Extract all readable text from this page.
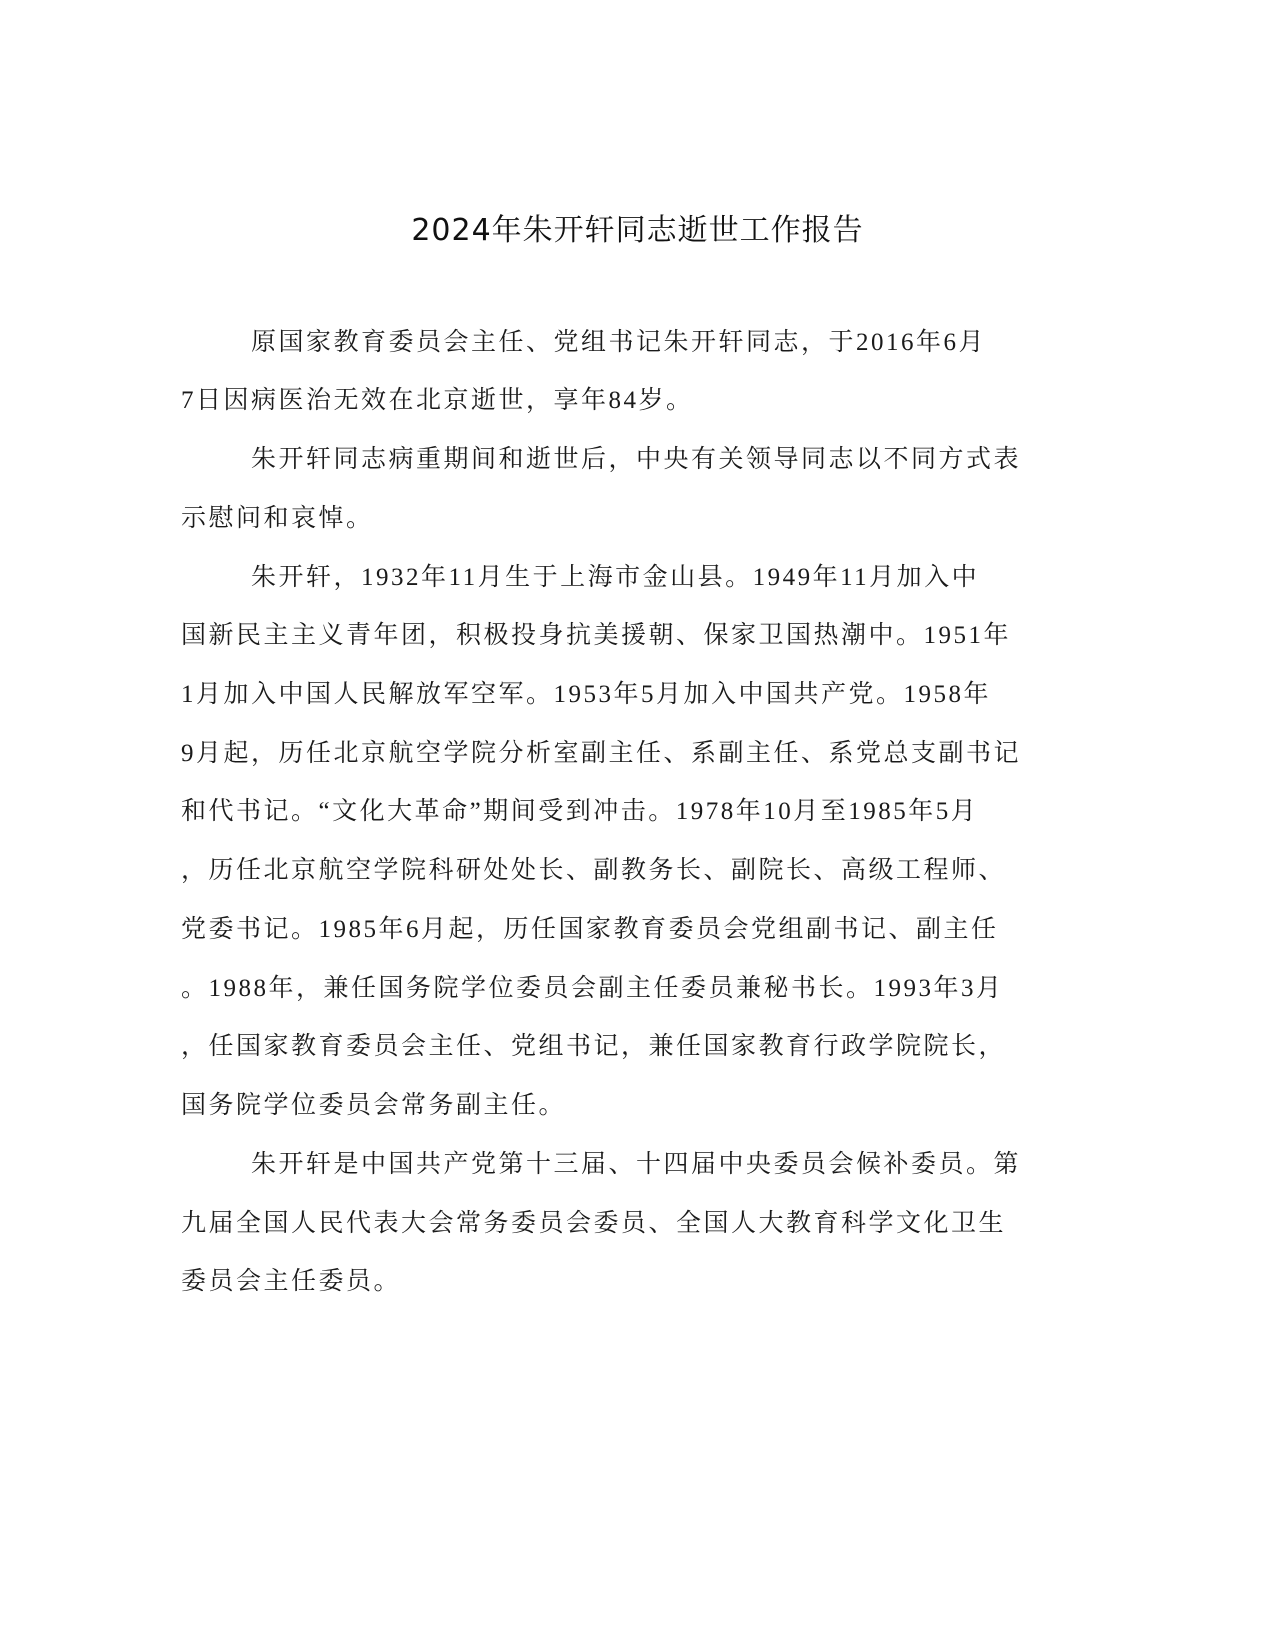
2024年朱开轩同志逝世工作报告
原国家教育委员会主任、党组书记朱开轩同志，于2016年6月
7日因病医治无效在北京逝世，享年84岁。
朱开轩同志病重期间和逝世后，中央有关领导同志以不同方式表
示慰问和哀悼。
朱开轩，1932年11月生于上海市金山县。1949年11月加入中
国新民主主义青年团，积极投身抗美援朝、保家卫国热潮中。1951年
1月加入中国人民解放军空军。1953年5月加入中国共产党。1958年
9月起，历任北京航空学院分析室副主任、系副主任、系党总支副书记
和代书记。“文化大革命”期间受到冲击。1978年10月至1985年5月
，历任北京航空学院科研处处长、副教务长、副院长、高级工程师、
党委书记。1985年6月起，历任国家教育委员会党组副书记、副主任
。1988年，兼任国务院学位委员会副主任委员兼秘书长。1993年3月
，任国家教育委员会主任、党组书记，兼任国家教育行政学院院长，
国务院学位委员会常务副主任。
朱开轩是中国共产党第十三届、十四届中央委员会候补委员。第
九届全国人民代表大会常务委员会委员、全国人大教育科学文化卫生
委员会主任委员。
